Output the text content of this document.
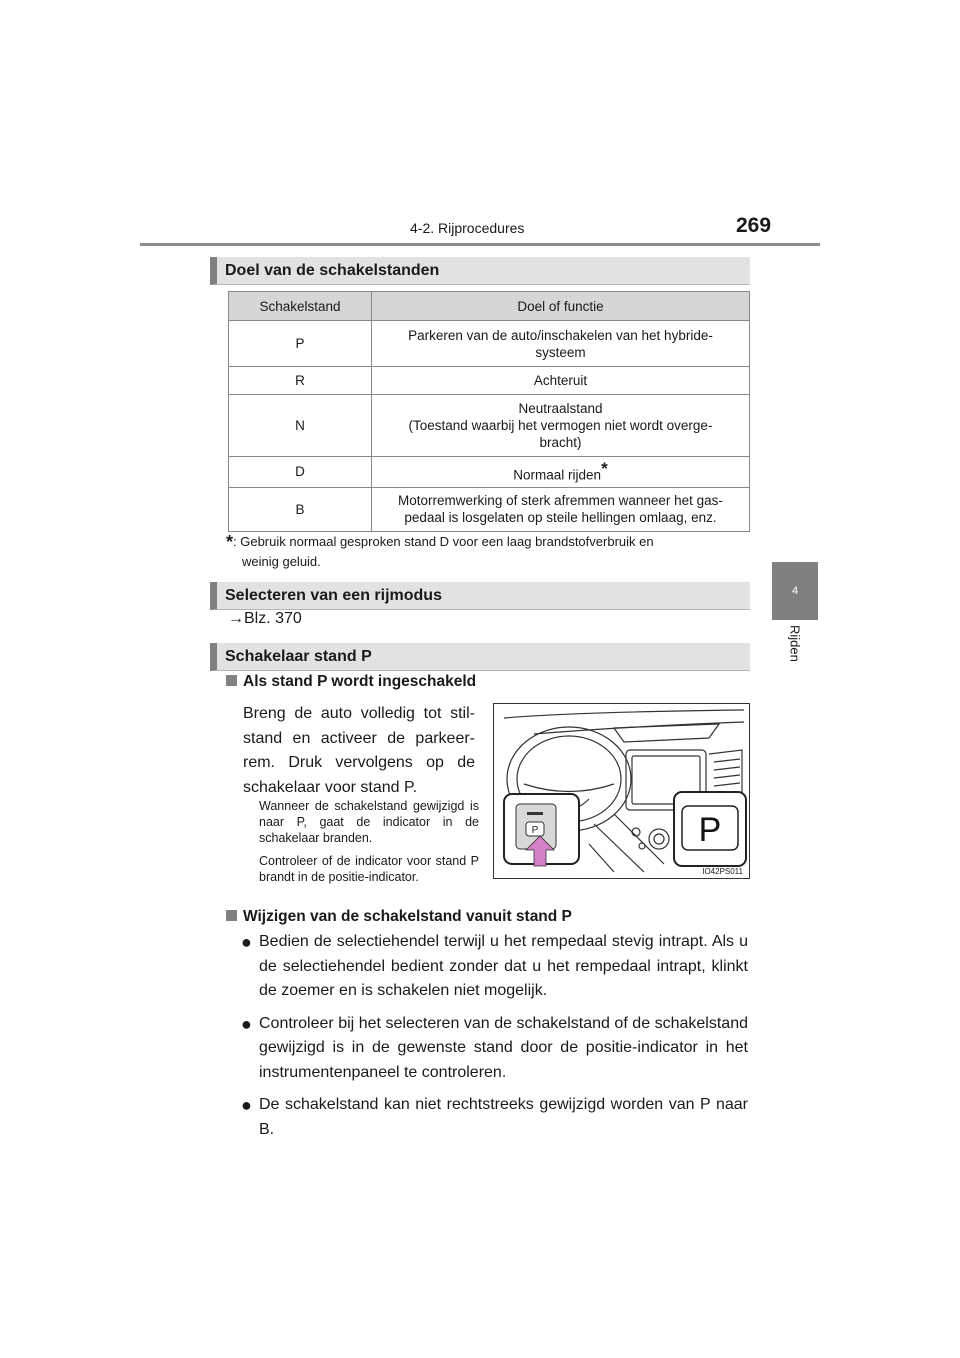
4-2. Rijprocedures	269
4
Rijden
Doel van de schakelstanden
Schakelstand	Doel of functie
P	Parkeren van de auto/inschakelen van het hybride-
systeem

R	Achteruit

N	Neutraalstand
(Toestand waarbij het vermogen niet wordt overge-
bracht)

D	Normaal rijden*
B	Motorremwerking of sterk afremmen wanneer het gas-
pedaal is losgelaten op steile hellingen omlaag, enz.

*: Gebruik normaal gesproken stand D voor een laag brandstofverbruik en

weinig geluid.

Selecteren van een rijmodus
→Blz. 370
Schakelaar stand P
Als stand P wordt ingeschakeld
Breng de auto volledig tot stilstand en activeer de parkeerrem. Druk vervolgens op de schakelaar voor stand P.
Wanneer de schakelstand gewijzigd is naar P, gaat de indicator in de schakelaar branden.
Controleer of de indicator voor stand P brandt in de positie-indicator.
P	P
IO42PS011
Wijzigen van de schakelstand vanuit stand P
● Bedien de selectiehendel terwijl u het rempedaal stevig intrapt. Als u de selectiehendel bedient zonder dat u het rempedaal intrapt, klinkt de zoemer en is schakelen niet mogelijk.
● Controleer bij het selecteren van de schakelstand of de schakelstand gewijzigd is in de gewenste stand door de positie-indicator in het instrumentenpaneel te controleren.
● De schakelstand kan niet rechtstreeks gewijzigd worden van P naar B.
